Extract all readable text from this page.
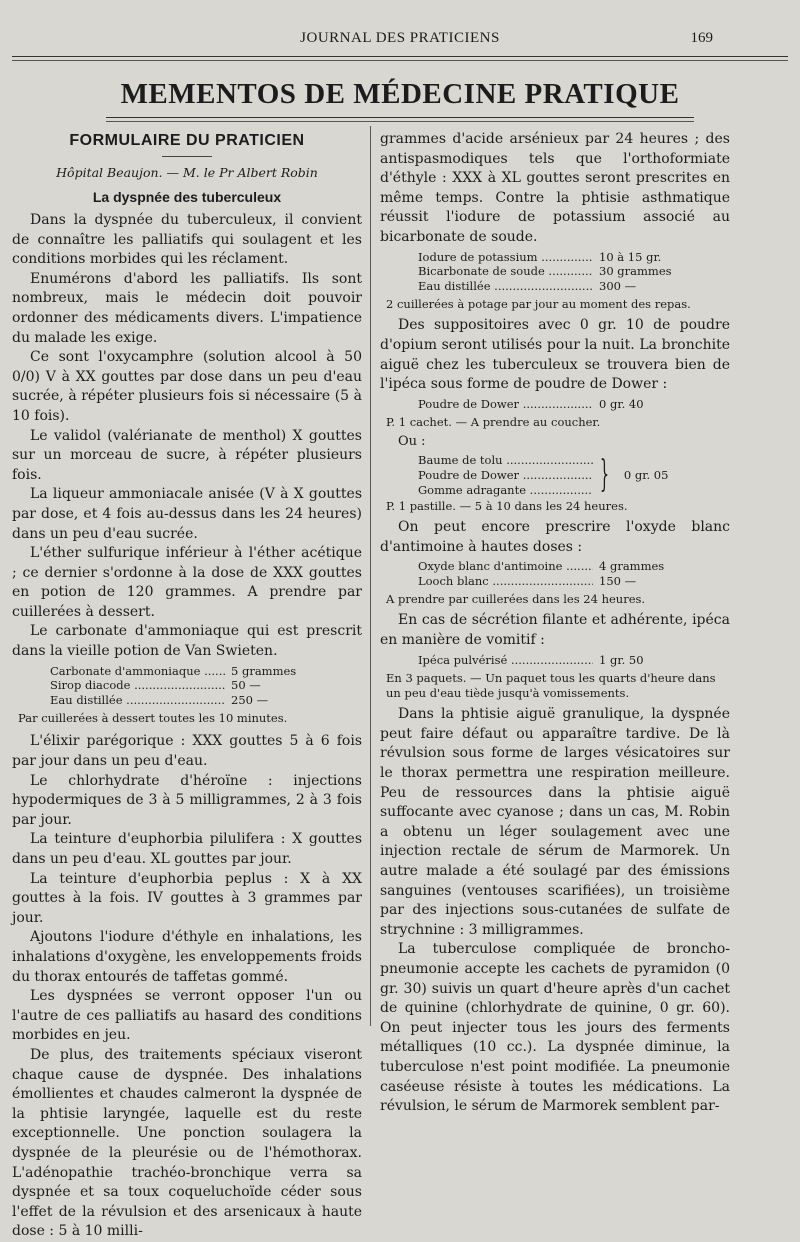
JOURNAL DES PRATICIENS	169
MEMENTOS DE MÉDECINE PRATIQUE
FORMULAIRE DU PRATICIEN
Hôpital Beaujon. — M. le Pr Albert Robin
La dyspnée des tuberculeux

Dans la dyspnée du tuberculeux, il convient de connaître les palliatifs qui soulagent et les conditions morbides qui les réclament.

Enumérons d'abord les palliatifs. Ils sont nombreux, mais le médecin doit pouvoir ordonner des médicaments divers. L'impatience du malade les exige.

Ce sont l'oxycamphre (solution alcool à 50 0/0) V à XX gouttes par dose dans un peu d'eau sucrée, à répéter plusieurs fois si nécessaire (5 à 10 fois).

Le validol (valérianate de menthol) X gouttes sur un morceau de sucre, à répéter plusieurs fois.

La liqueur ammoniacale anisée (V à X gouttes par dose, et 4 fois au-dessus dans les 24 heures) dans un peu d'eau sucrée.

L'éther sulfurique inférieur à l'éther acétique ; ce dernier s'ordonne à la dose de XXX gouttes en potion de 120 grammes. A prendre par cuillerées à dessert.

Le carbonate d'ammoniaque qui est prescrit dans la vieille potion de Van Swieten.

Carbonate d'ammoniaque .....	5 grammes
Sirop diacode .....	50 —
Eau distillée .....	250 —
Par cuillerées à dessert toutes les 10 minutes.

L'élixir parégorique : XXX gouttes 5 à 6 fois par jour dans un peu d'eau.

Le chlorhydrate d'héroïne : injections hypodermiques de 3 à 5 milligrammes, 2 à 3 fois par jour.

La teinture d'euphorbia pilulifera : X gouttes dans un peu d'eau. XL gouttes par jour.

La teinture d'euphorbia peplus : X à XX gouttes à la fois. IV gouttes à 3 grammes par jour.

Ajoutons l'iodure d'éthyle en inhalations, les inhalations d'oxygène, les enveloppements froids du thorax entourés de taffetas gommé.

Les dyspnées se verront opposer l'un ou l'autre de ces palliatifs au hasard des conditions morbides en jeu.

De plus, des traitements spéciaux viseront chaque cause de dyspnée. Des inhalations émollientes et chaudes calmeront la dyspnée de la phtisie laryngée, laquelle est du reste exceptionnelle. Une ponction soulagera la dyspnée de la pleurésie ou de l'hémothorax. L'adénopathie trachéo-bronchique verra sa dyspnée et sa toux coqueluchoïde céder sous l'effet de la révulsion et des arsenicaux à haute dose : 5 à 10 milli-

grammes d'acide arsénieux par 24 heures ; des antispasmodiques tels que l'orthoformiate d'éthyle : XXX à XL gouttes seront prescrites en même temps. Contre la phtisie asthmatique réussit l'iodure de potassium associé au bicarbonate de soude.

Iodure de potassium .....	10 à 15 gr.
Bicarbonate de soude .....	30 grammes
Eau distillée .....	300 —
2 cuillerées à potage par jour au moment des repas.

Des suppositoires avec 0 gr. 10 de poudre d'opium seront utilisés pour la nuit. La bronchite aiguë chez les tuberculeux se trouvera bien de l'ipéca sous forme de poudre de Dower :

Poudre de Dower .....	0 gr. 40
P. 1 cachet. — A prendre au coucher.
Ou :
Baume de tolu .....
Poudre de Dower .....
Gomme adragante .....	}	0 gr. 05
P. 1 pastille. — 5 à 10 dans les 24 heures.

On peut encore prescrire l'oxyde blanc d'antimoine à hautes doses :

Oxyde blanc d'antimoine .....	4 grammes
Looch blanc .....	150 —
A prendre par cuillerées dans les 24 heures.

En cas de sécrétion filante et adhérente, ipéca en manière de vomitif :

Ipéca pulvérisé .....	1 gr. 50
En 3 paquets. — Un paquet tous les quarts d'heure dans un peu d'eau tiède jusqu'à vomissements.

Dans la phtisie aiguë granulique, la dyspnée peut faire défaut ou apparaître tardive. De là révulsion sous forme de larges vésicatoires sur le thorax permettra une respiration meilleure. Peu de ressources dans la phtisie aiguë suffocante avec cyanose ; dans un cas, M. Robin a obtenu un léger soulagement avec une injection rectale de sérum de Marmorek. Un autre malade a été soulagé par des émissions sanguines (ventouses scarifiées), un troisième par des injections sous-cutanées de sulfate de strychnine : 3 milligrammes.

La tuberculose compliquée de broncho-pneumonie accepte les cachets de pyramidon (0 gr. 30) suivis un quart d'heure après d'un cachet de quinine (chlorhydrate de quinine, 0 gr. 60). On peut injecter tous les jours des ferments métalliques (10 cc.). La dyspnée diminue, la tuberculose n'est point modifiée. La pneumonie caséeuse résiste à toutes les médications. La révulsion, le sérum de Marmorek semblent par-
